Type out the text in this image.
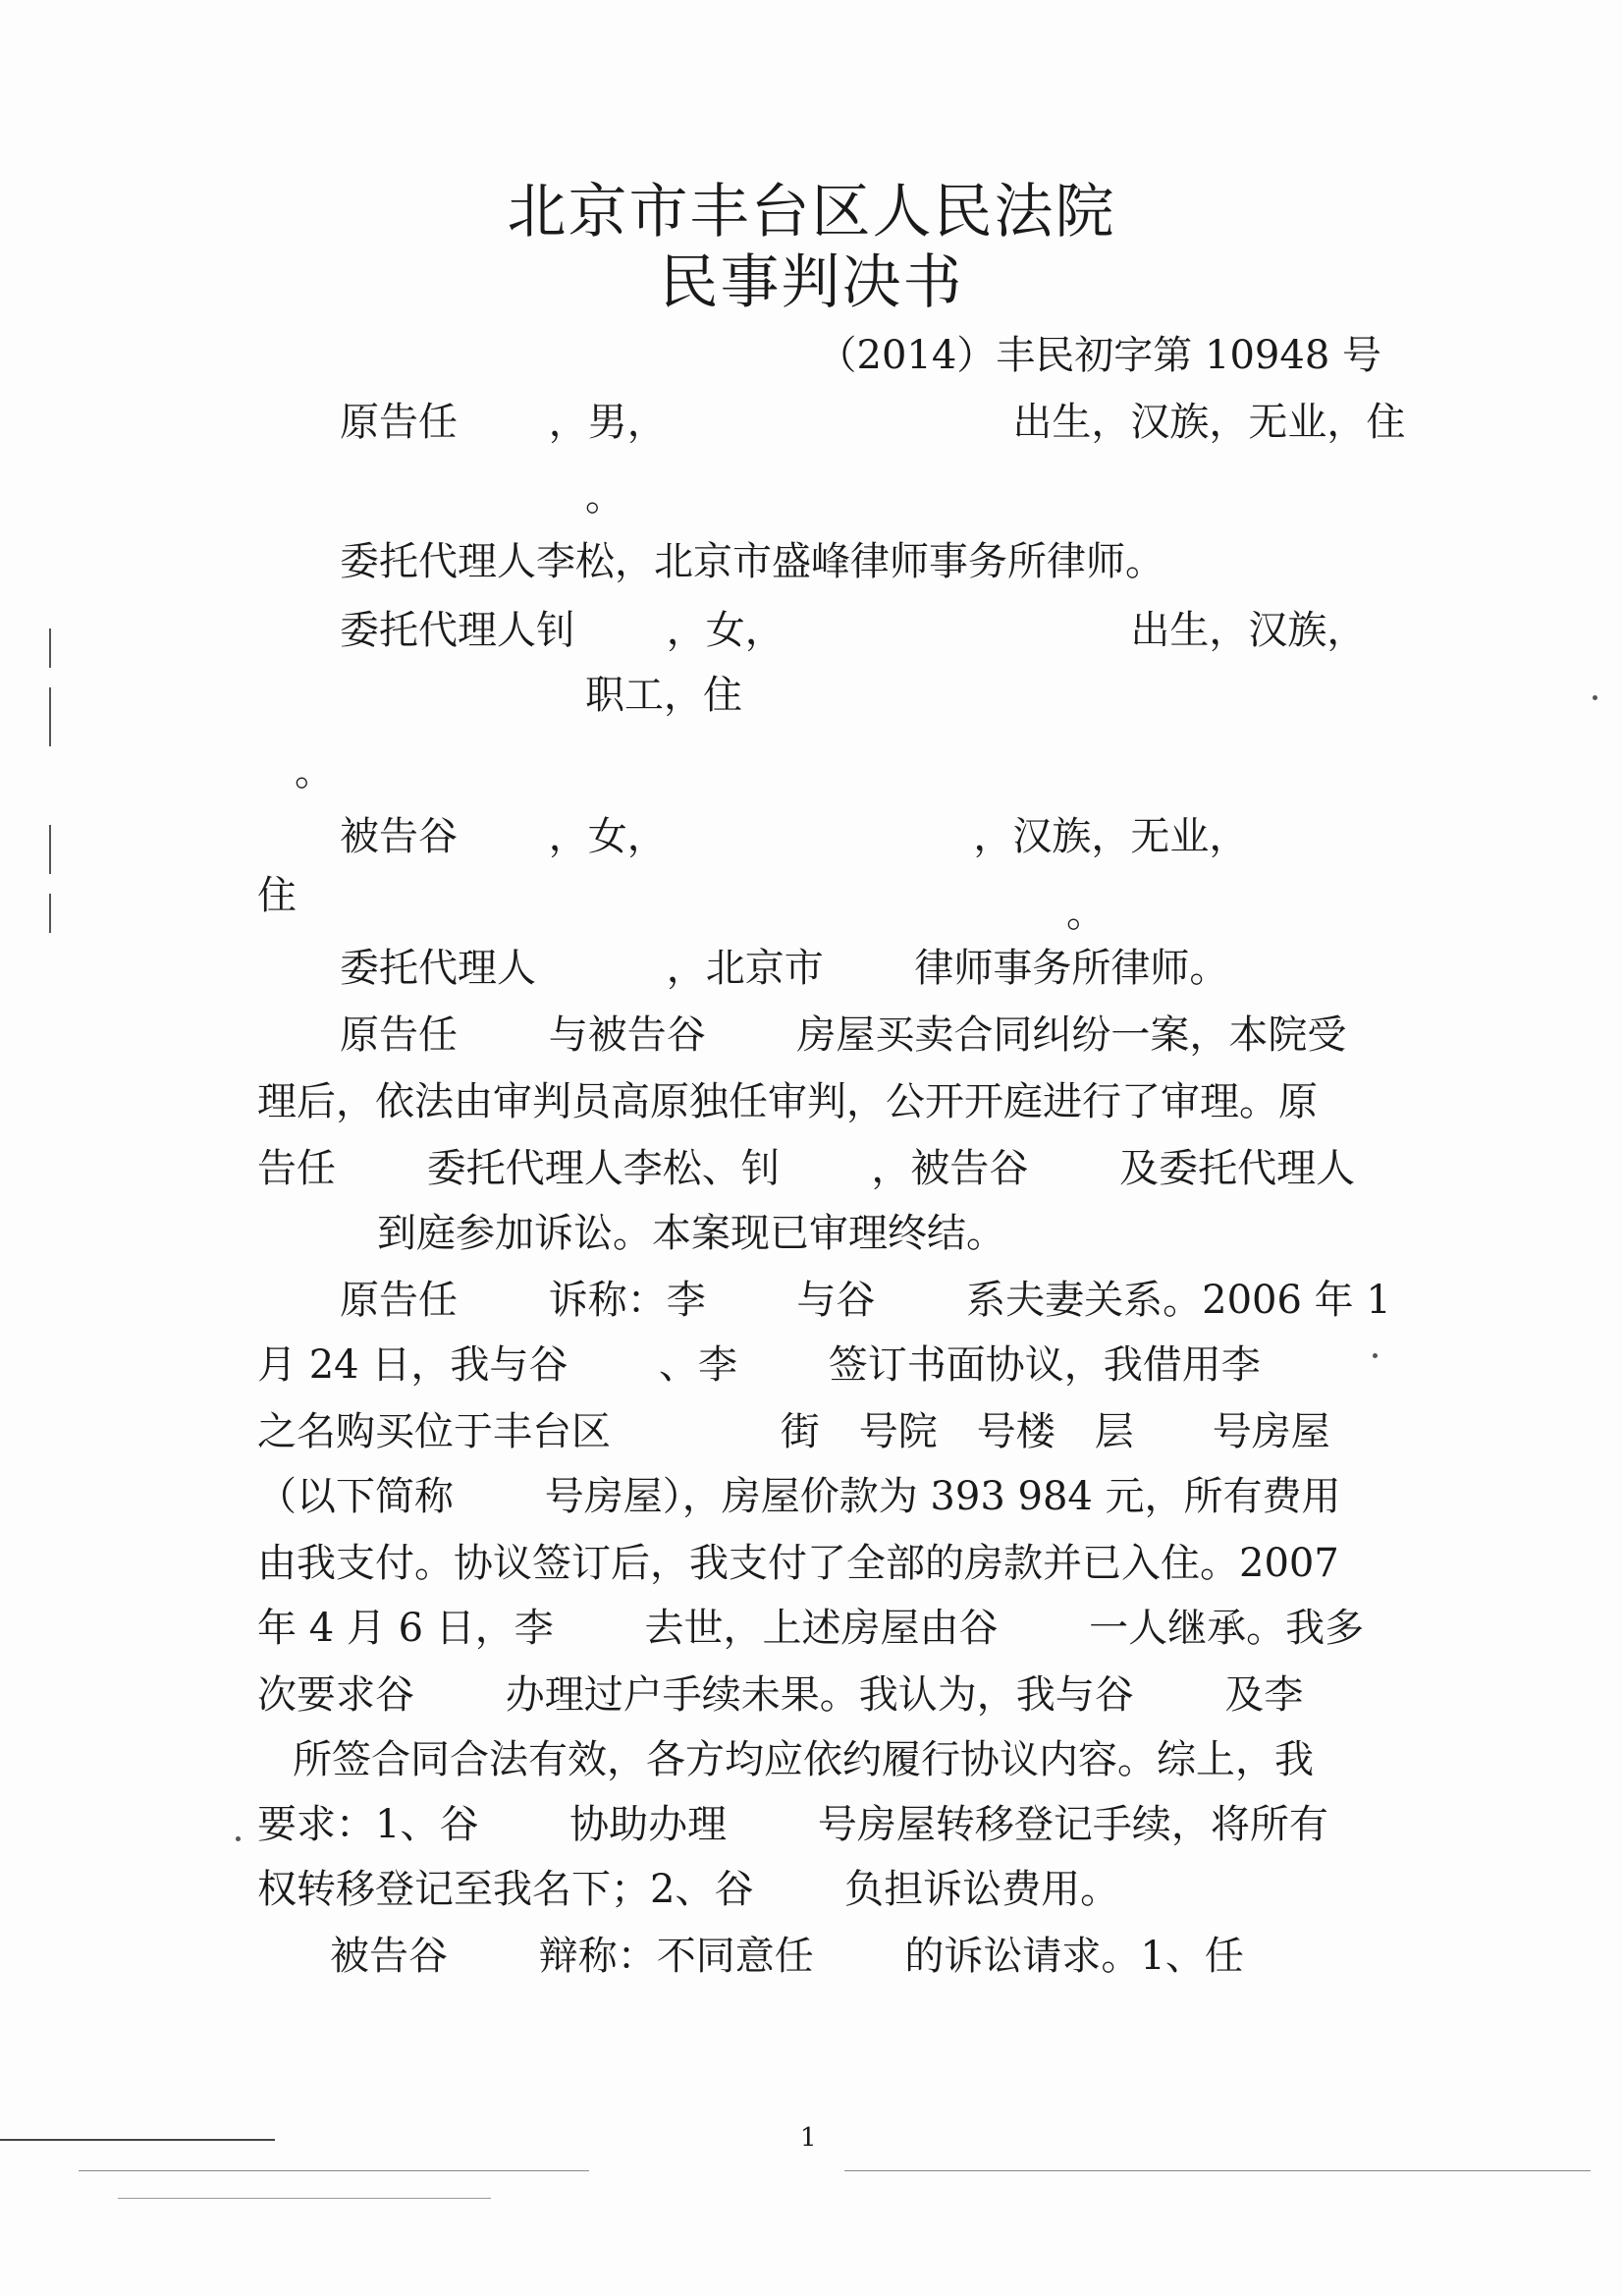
北京市丰台区人民法院
民事判决书
（2014）丰民初字第 10948 号
原告任　　 ，男，　　　　　　　　　 出生，汉族，无业，住
。
委托代理人李松，北京市盛峰律师事务所律师。
委托代理人钊　　 ，女，　　　　　　　　　 出生，汉族，
职工，住
。
被告谷　　 ，女，　　　　　　　　 ，汉族，无业，
住	。
委托代理人　　　 ，北京市　　 律师事务所律师。
原告任　　 与被告谷　　 房屋买卖合同纠纷一案，本院受
理后，依法由审判员高原独任审判，公开开庭进行了审理。原
告任　　 委托代理人李松、钊　　 ，被告谷　　 及委托代理人
到庭参加诉讼。本案现已审理终结。
原告任　　 诉称：李　　 与谷　　 系夫妻关系。2006 年 1
月 24 日，我与谷　　 、李　　 签订书面协议，我借用李
之名购买位于丰台区　　　　 街　号院　号楼　层　　号房屋
（以下简称　　 号房屋），房屋价款为 393 984 元，所有费用
由我支付。协议签订后，我支付了全部的房款并已入住。2007
年 4 月 6 日，李　　 去世，上述房屋由谷　　 一人继承。我多
次要求谷　　 办理过户手续未果。我认为，我与谷　　 及李
所签合同合法有效，各方均应依约履行协议内容。综上，我
要求：1、谷　　 协助办理　　 号房屋转移登记手续，将所有
权转移登记至我名下；2、谷　　 负担诉讼费用。
被告谷　　 辩称：不同意任　　 的诉讼请求。1、任
1
